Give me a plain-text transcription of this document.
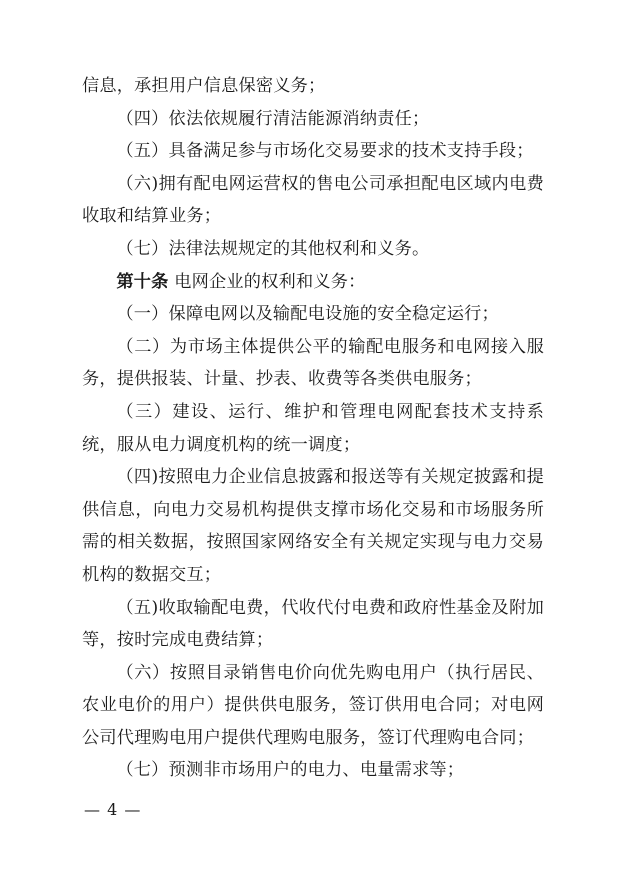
信息，承担用户信息保密义务；

（四）依法依规履行清洁能源消纳责任；

（五）具备满足参与市场化交易要求的技术支持手段；

（六)拥有配电网运营权的售电公司承担配电区域内电费收取和结算业务；

（七）法律法规规定的其他权利和义务。

第十条 电网企业的权利和义务：

（一）保障电网以及输配电设施的安全稳定运行；

（二）为市场主体提供公平的输配电服务和电网接入服务，提供报装、计量、抄表、收费等各类供电服务；

（三）建设、运行、维护和管理电网配套技术支持系统，服从电力调度机构的统一调度；

（四)按照电力企业信息披露和报送等有关规定披露和提供信息，向电力交易机构提供支撑市场化交易和市场服务所需的相关数据，按照国家网络安全有关规定实现与电力交易机构的数据交互；

（五)收取输配电费，代收代付电费和政府性基金及附加等，按时完成电费结算；

（六）按照目录销售电价向优先购电用户（执行居民、农业电价的用户）提供供电服务，签订供用电合同；对电网公司代理购电用户提供代理购电服务，签订代理购电合同；

（七）预测非市场用户的电力、电量需求等；

— 4 —
